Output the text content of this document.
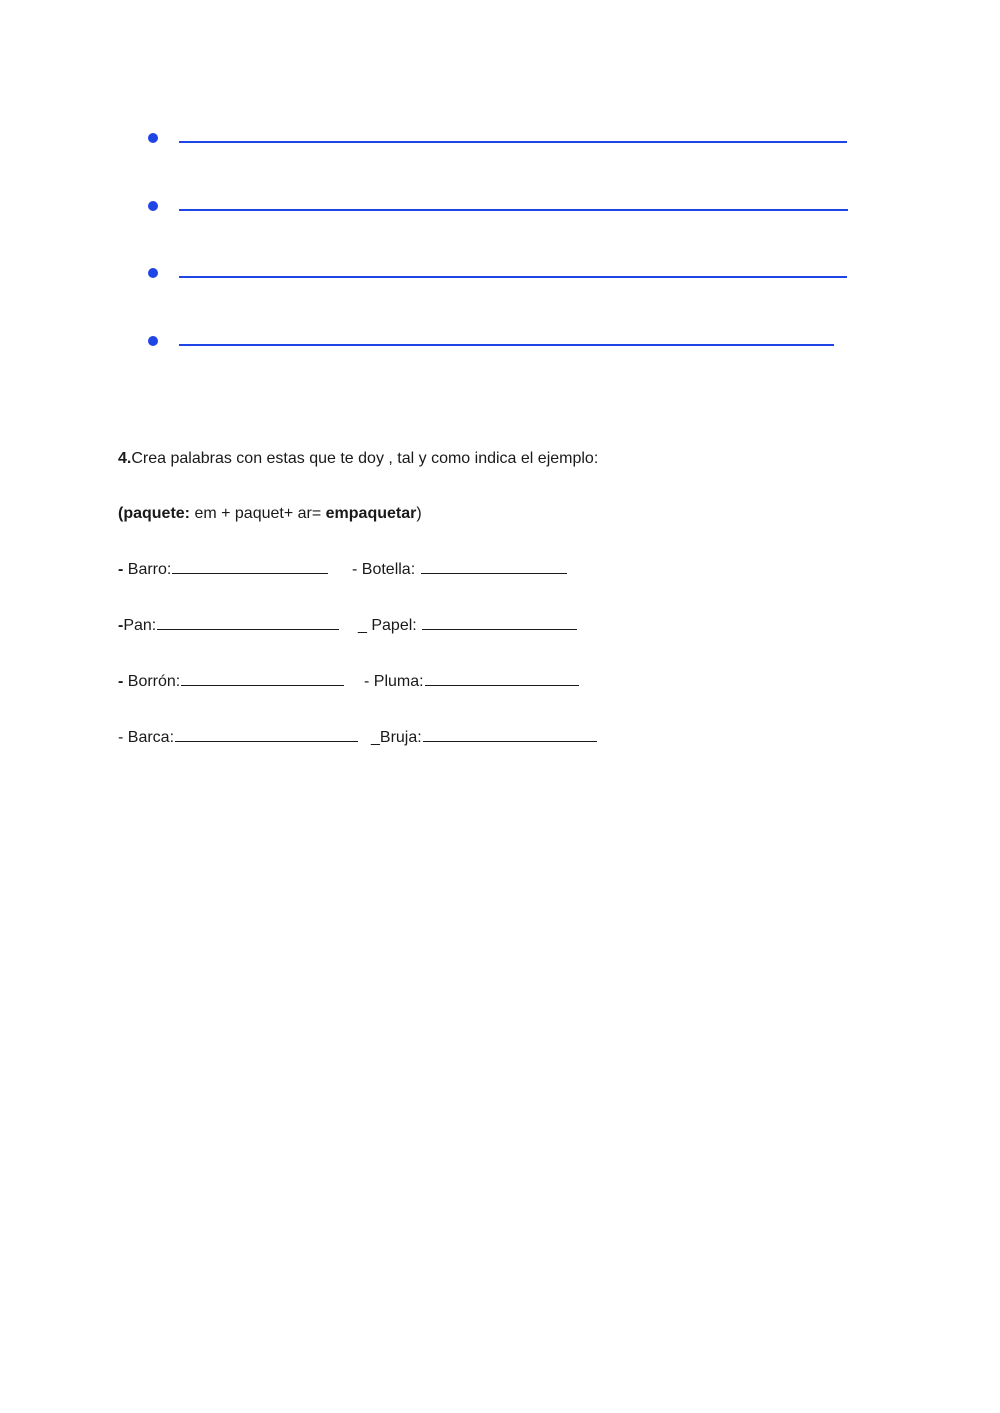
4.Crea palabras con estas que te doy , tal y como indica el ejemplo:
(paquete: em + paquet+ ar= empaquetar)
- Barro:	- Botella:
-Pan:	_ Papel:
- Borrón:	- Pluma:
- Barca:	_Bruja:
